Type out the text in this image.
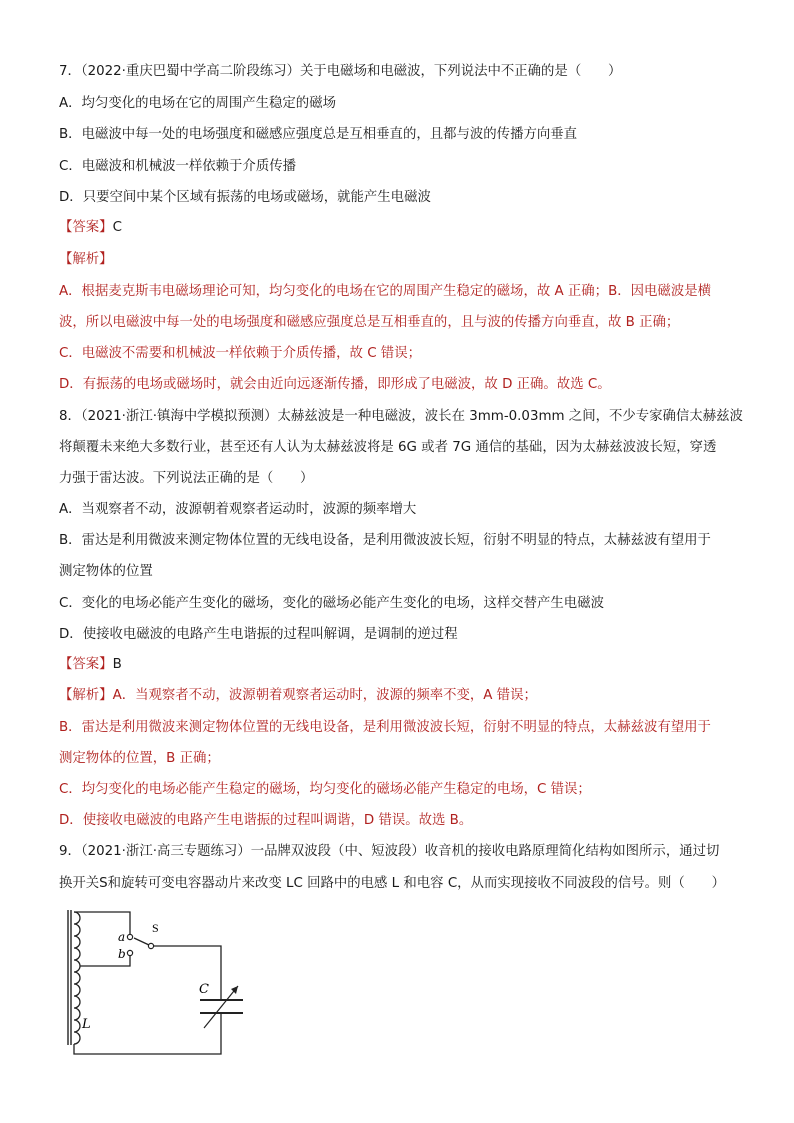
7．（2022·重庆巴蜀中学高二阶段练习）关于电磁场和电磁波，下列说法中不正确的是（　　）
A．均匀变化的电场在它的周围产生稳定的磁场
B．电磁波中每一处的电场强度和磁感应强度总是互相垂直的，且都与波的传播方向垂直
C．电磁波和机械波一样依赖于介质传播
D．只要空间中某个区域有振荡的电场或磁场，就能产生电磁波
【答案】C
【解析】
A．根据麦克斯韦电磁场理论可知，均匀变化的电场在它的周围产生稳定的磁场，故 A 正确；B．因电磁波是横
波，所以电磁波中每一处的电场强度和磁感应强度总是互相垂直的，且与波的传播方向垂直，故 B 正确；
C．电磁波不需要和机械波一样依赖于介质传播，故 C 错误；
D．有振荡的电场或磁场时，就会由近向远逐渐传播，即形成了电磁波，故 D 正确。故选 C。
8．（2021·浙江·镇海中学模拟预测）太赫兹波是一种电磁波，波长在 3mm-0.03mm 之间，不少专家确信太赫兹波
将颠覆未来绝大多数行业，甚至还有人认为太赫兹波将是 6G 或者 7G 通信的基础，因为太赫兹波波长短，穿透
力强于雷达波。下列说法正确的是（　　）
A．当观察者不动，波源朝着观察者运动时，波源的频率增大
B．雷达是利用微波来测定物体位置的无线电设备，是利用微波波长短，衍射不明显的特点，太赫兹波有望用于
测定物体的位置
C．变化的电场必能产生变化的磁场，变化的磁场必能产生变化的电场，这样交替产生电磁波
D．使接收电磁波的电路产生电谐振的过程叫解调，是调制的逆过程
【答案】B
【解析】A．当观察者不动，波源朝着观察者运动时，波源的频率不变，A 错误；
B．雷达是利用微波来测定物体位置的无线电设备，是利用微波波长短，衍射不明显的特点，太赫兹波有望用于
测定物体的位置，B 正确；
C．均匀变化的电场必能产生稳定的磁场，均匀变化的磁场必能产生稳定的电场，C 错误；
D．使接收电磁波的电路产生电谐振的过程叫调谐，D 错误。故选 B。
9．（2021·浙江·高三专题练习）一品牌双波段（中、短波段）收音机的接收电路原理简化结构如图所示，通过切
换开关S和旋转可变电容器动片来改变 LC 回路中的电感 L 和电容 C，从而实现接收不同波段的信号。则（　　）
a
b
S
C
L
